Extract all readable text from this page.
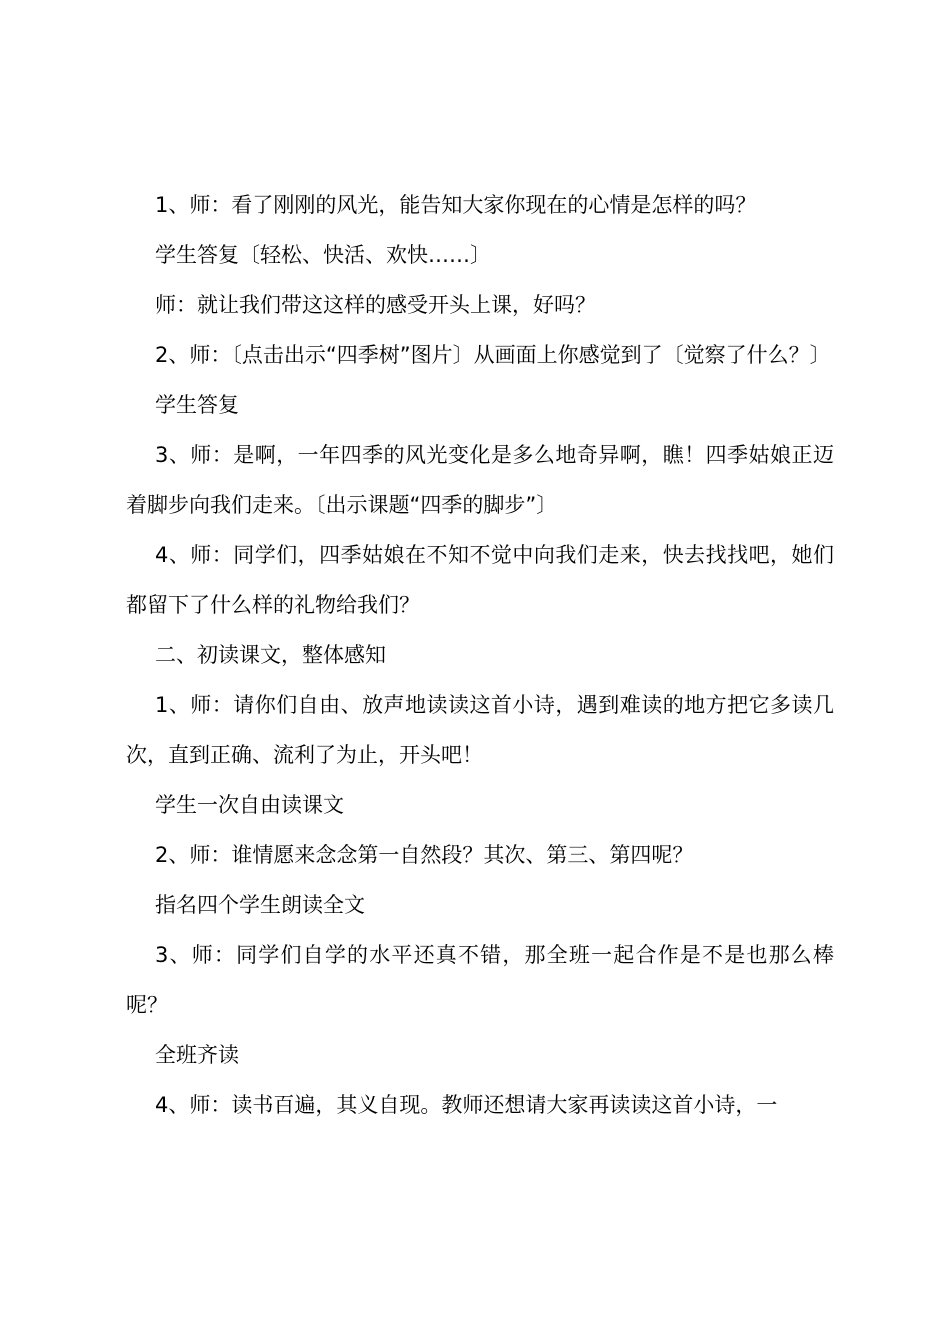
1、师：看了刚刚的风光，能告知大家你现在的心情是怎样的吗？

学生答复〔轻松、快活、欢快……〕

师：就让我们带这这样的感受开头上课，好吗？

2、师：〔点击出示“四季树”图片〕从画面上你感觉到了〔觉察了什么？〕

学生答复

3、师：是啊，一年四季的风光变化是多么地奇异啊，瞧！四季姑娘正迈着脚步向我们走来。〔出示课题“四季的脚步”〕

4、师：同学们，四季姑娘在不知不觉中向我们走来，快去找找吧，她们都留下了什么样的礼物给我们？

二、初读课文，整体感知

1、师：请你们自由、放声地读读这首小诗，遇到难读的地方把它多读几次，直到正确、流利了为止，开头吧！

学生一次自由读课文

2、师：谁情愿来念念第一自然段？其次、第三、第四呢？

指名四个学生朗读全文

3、师：同学们自学的水平还真不错，那全班一起合作是不是也那么棒呢？

全班齐读

4、师：读书百遍，其义自现。教师还想请大家再读读这首小诗，一
